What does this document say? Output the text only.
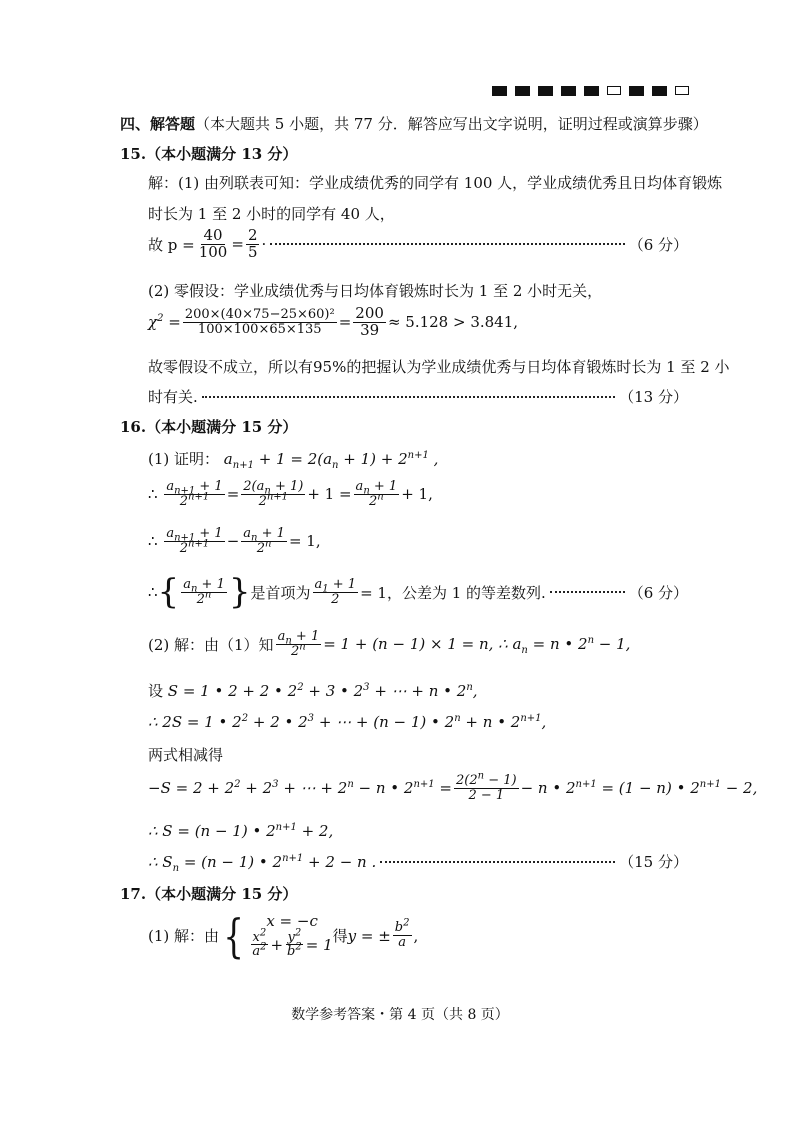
四、解答题（本大题共 5 小题，共 77 分．解答应写出文字说明，证明过程或演算步骤）
15.（本小题满分 13 分）
解：(1) 由列联表可知：学业成绩优秀的同学有 100 人，学业成绩优秀且日均体育锻炼
时长为 1 至 2 小时的同学有 40 人，
故 $p = \frac{40}{100} = \frac{2}{5}$ ·	（6 分）
(2) 零假设：学业成绩优秀与日均体育锻炼时长为 1 至 2 小时无关，
$\chi^2 = \frac{\text{200×(40×75−25×60)²}}{100\times 100\times 65\times 135} = \frac{200}{39} \approx 5.128 > 3.841$,
故零假设不成立，所以有95%的把握认为学业成绩优秀与日均体育锻炼时长为 1 至 2 小
时有关.	（13 分）
16.（本小题满分 15 分）
(1) 证明： $a_{n+1} + 1 = 2(a_n + 1) + 2^{n+1}$ ,
∴ $\frac{a_{n+1} + 1}{2^{n+1}} = \frac{2(a_n + 1)}{2^{n+1}} + 1 = \frac{a_n + 1}{2^n} + 1$,
∴ $\frac{a_{n+1} + 1}{2^{n+1}} - \frac{a_n + 1}{2^n} = 1$,
∴ { $\frac{a_n + 1}{2^n}$ } 是首项为 $\frac{a_1 + 1}{2} = 1$，公差为 1 的等差数列.	（6 分）
(2) 解：由（1）知 $\frac{a_n + 1}{2^n} = 1 + (n - 1) \times 1 = n$, ∴ $a_n = n$ • $2^n - 1$,
设 S = 1 • 2 + 2 • $2^2 + 3$ • $2^3$ + ⋯ + n • 2$^n$,
∴ 2S = 1 • $2^2 + 2$ • $2^3$ + ⋯ + (n − 1) • $2^n + n$ • $2^{n+1}$,
两式相减得
$-S = 2 + 2^2 + 2^3$ + ⋯ + $2^n - n$ • $2^{n+1} = \frac{2(2^n - 1)}{2 - 1} - n$ • $2^{n+1} = (1 - n)$ • $2^{n+1} - 2$,
∴ S = (n − 1) • $2^{n+1} + 2$,
∴ $S_n = (n - 1)$ • $2^{n+1} + 2 - n$ .	（15 分）
17.（本小题满分 15 分）
(1) 解：由 {	x = −c
$\frac{x^2}{a^2} + \frac{y^2}{b^2} = 1$ 得 y = ± $\frac{b^2}{a}$ ,
数学参考答案・第 4 页（共 8 页）
